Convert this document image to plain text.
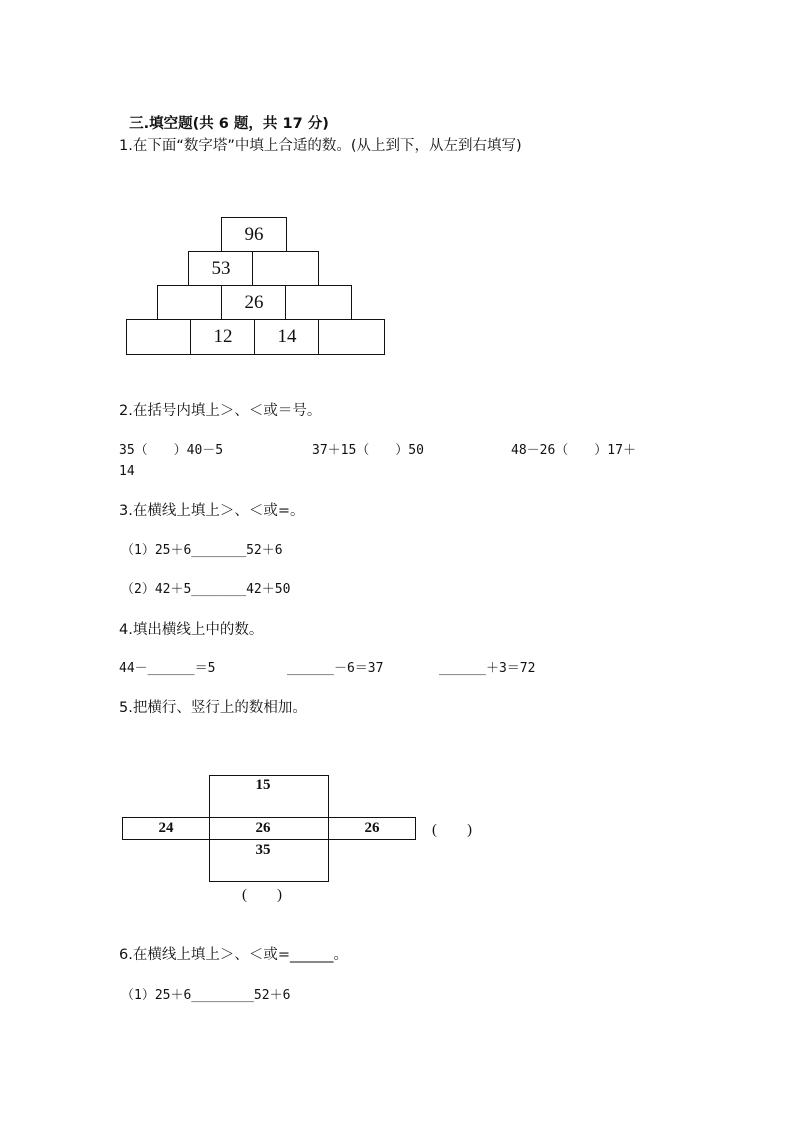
三.填空题(共 6 题，共 17 分)

1.在下面“数字塔”中填上合适的数。(从上到下，从左到右填写)
96
53
26
12	14
2.在括号内填上＞、＜或＝号。
35（　　）40－5	37＋15（　　）50	48－26（　　）17＋
14
3.在横线上填上＞、＜或=。
（1）25＋6_______52＋6
（2）42＋5_______42＋50
4.填出横线上中的数。
44－______＝5	______－6＝37	______＋3＝72
5.把横行、竖行上的数相加。
15
24	26	26
35
(　　)
(　　)
6.在横线上填上＞、＜或=______。
（1）25＋6________52＋6
